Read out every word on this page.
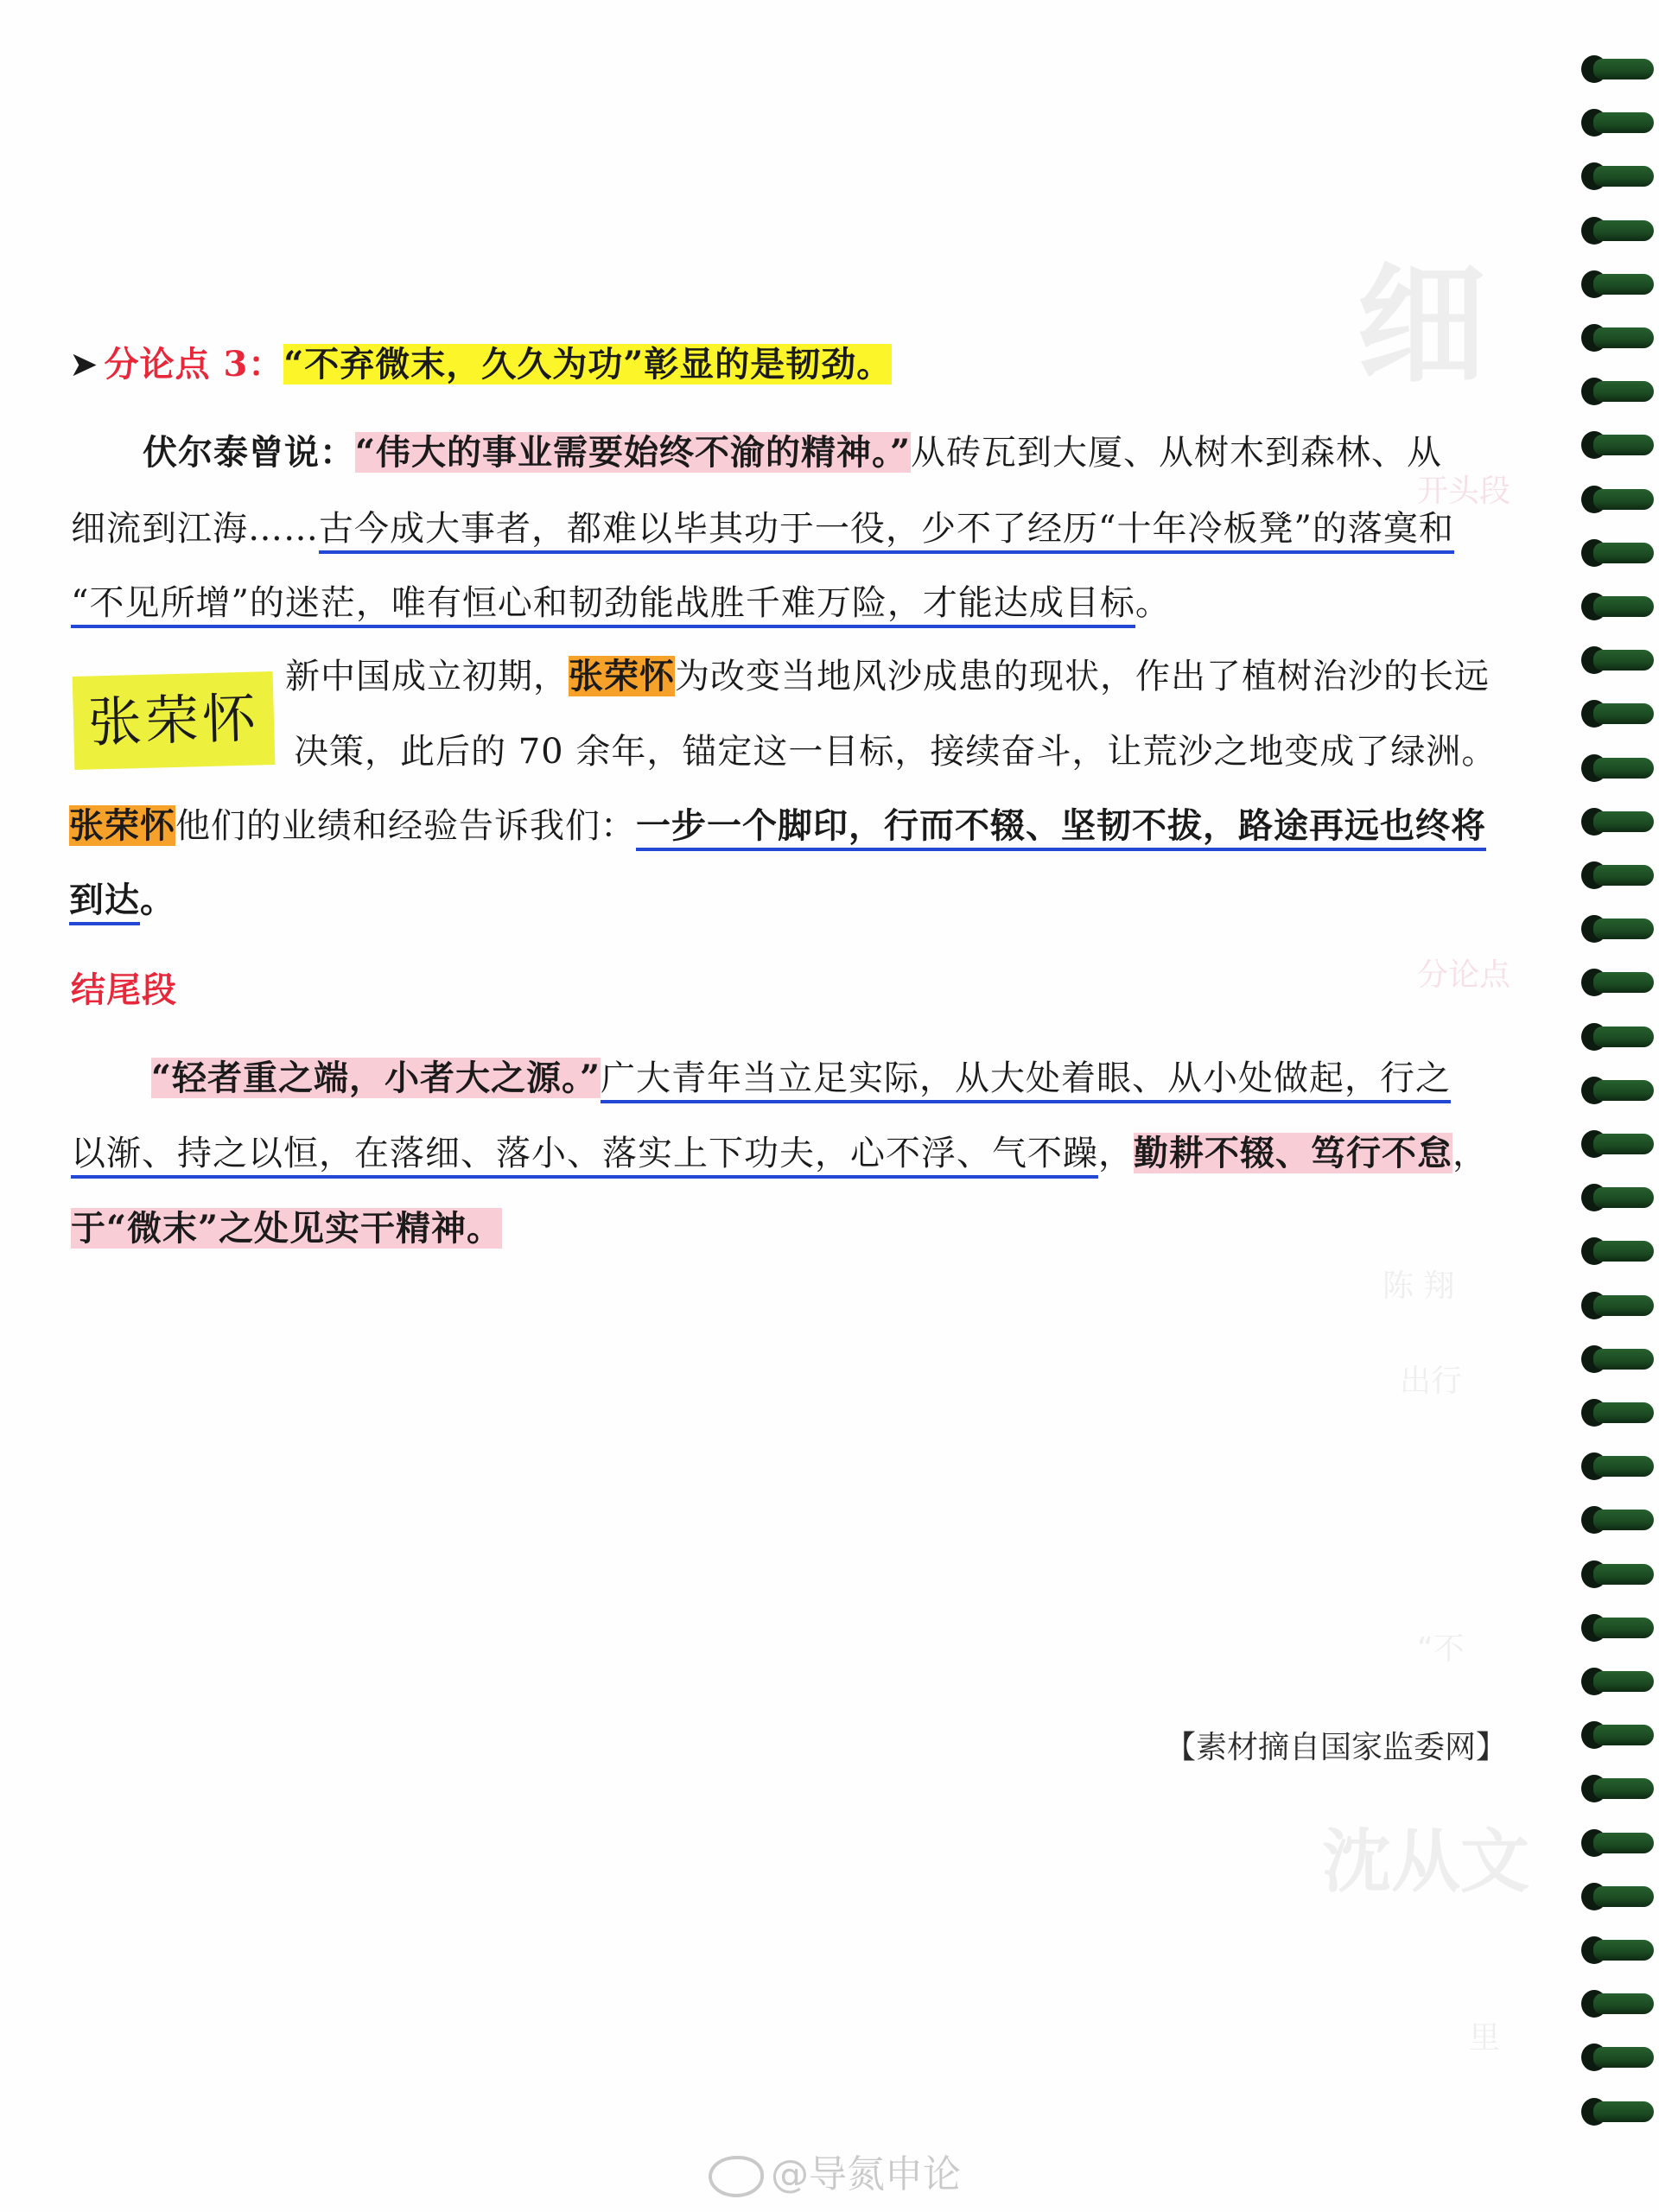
细
开头段
分论点
陈 翔
出行
“不
沈从文
里
➤ 分论点 3：“不弃微末，久久为功”彰显的是韧劲。
伏尔泰曾说：“伟大的事业需要始终不渝的精神。”从砖瓦到大厦、从树木到森林、从
细流到江海……古今成大事者，都难以毕其功于一役，少不了经历“十年冷板凳”的落寞和
“不见所增”的迷茫，唯有恒心和韧劲能战胜千难万险，才能达成目标。
张荣怀
新中国成立初期，张荣怀为改变当地风沙成患的现状，作出了植树治沙的长远
决策，此后的 70 余年，锚定这一目标，接续奋斗，让荒沙之地变成了绿洲。
张荣怀他们的业绩和经验告诉我们：一步一个脚印，行而不辍、坚韧不拔，路途再远也终将
到达。
结尾段
“轻者重之端，小者大之源。”广大青年当立足实际，从大处着眼、从小处做起，行之
以渐、持之以恒，在落细、落小、落实上下功夫，心不浮、气不躁，勤耕不辍、笃行不怠，
于“微末”之处见实干精神。
【素材摘自国家监委网】
@导氮申论
